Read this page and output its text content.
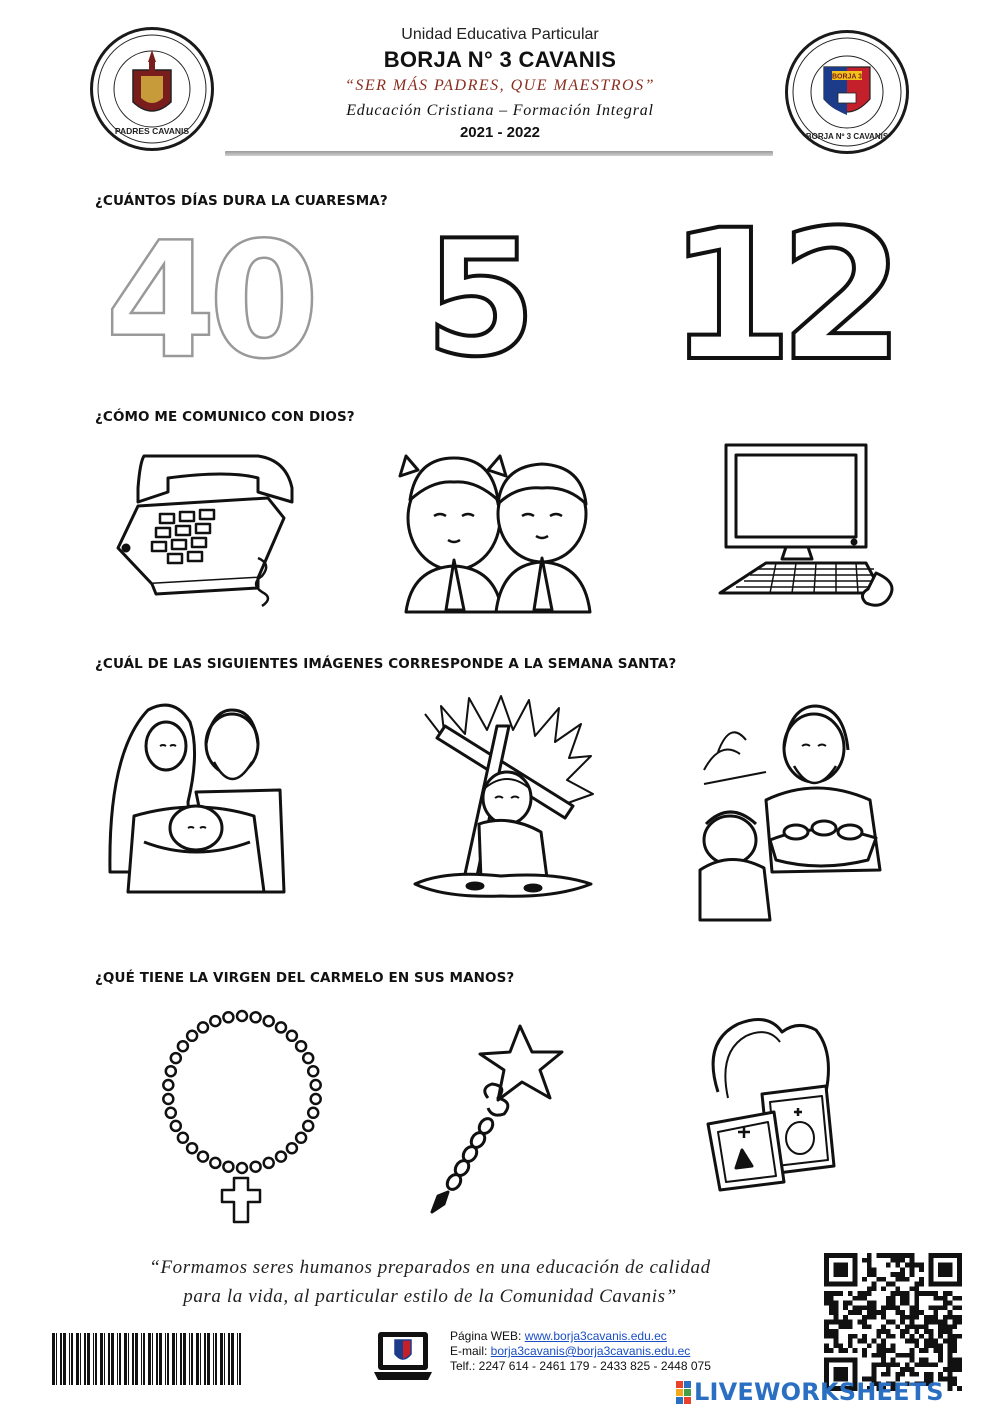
PADRES CAVANIS
BORJA 3
BORJA Nº 3 CAVANIS
Unidad Educativa Particular
BORJA N° 3 CAVANIS
“SER MÁS PADRES, QUE MAESTROS”
Educación Cristiana – Formación Integral
2021 - 2022
¿CUÁNTOS DÍAS DURA LA CUARESMA?
40 5 12
¿CÓMO ME COMUNICO CON DIOS?
¿CUÁL DE LAS SIGUIENTES IMÁGENES CORRESPONDE A LA SEMANA SANTA?
¿QUÉ TIENE LA VIRGEN DEL CARMELO EN SUS MANOS?
“Formamos seres humanos preparados en una educación de calidad
para la vida, al particular estilo de la Comunidad Cavanis”
Página WEB: www.borja3cavanis.edu.ec
E-mail: borja3cavanis@borja3cavanis.edu.ec
Telf.: 2247 614 - 2461 179 - 2433 825 - 2448 075
LIVEWORKSHEETS
